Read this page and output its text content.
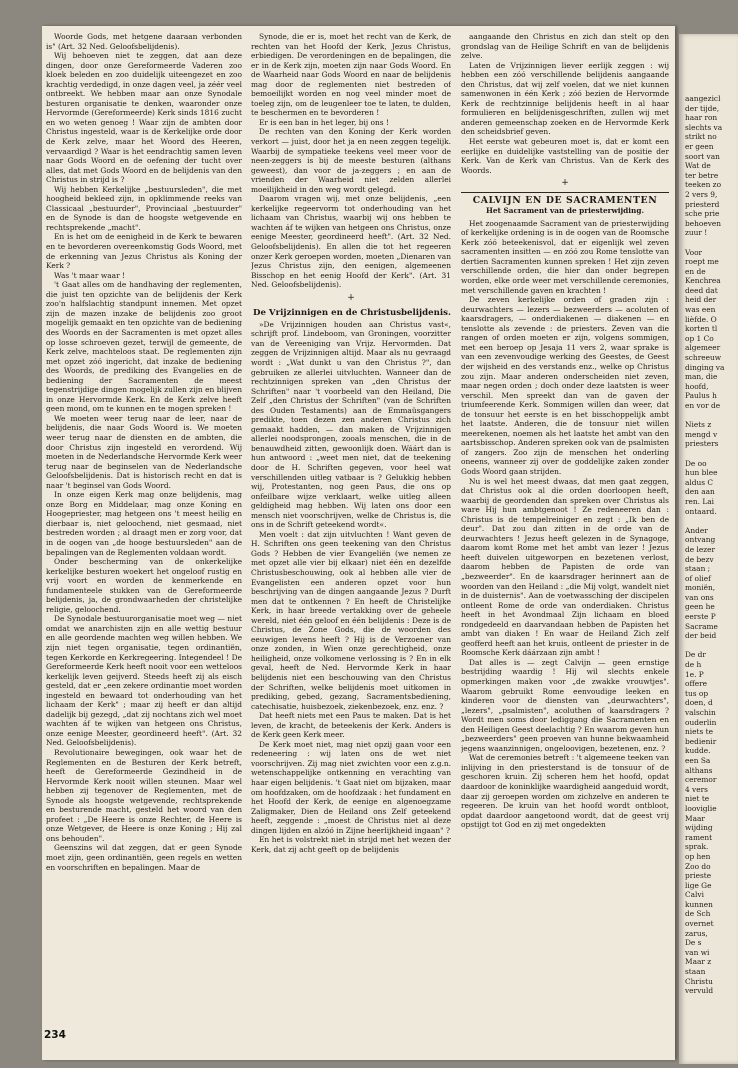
Woorde Gods, met hetgene daaraan verbonden is" (Art. 32 Ned. Geloofsbelijdenis).

Wij behoeven niet te zeggen, dat aan deze dingen, door onze Gereformeerde Vaderen zoo kloek beleden en zoo duidelijk uiteengezet en zoo krachtig verdedigd, in onze dagen veel, ja zéér veel ontbreekt. We hebben maar aan onze Synodale besturen organisatie te denken, waaronder onze Hervormde (Gereformeerde) Kerk sinds 1816 zucht en wo weten genoeg ! Waar zijn de ambten door Christus ingesteld, waar is de Kerkelijke orde door de Kerk zelve, maar het Woord des Heeren, vervaardigd ? Waar is het eendrachtig samen leven naar Gods Woord en de oefening der tucht over alles, dat met Gods Woord en de belijdenis van den Christus in strijd is ?

Wij hebben Kerkelijke „bestuursleden", die met hoogheid bekleed zijn, in opklimmende reeks van Classicaal „bestuurder", Provinciaal „bestuurder" en de Synode is dan de hoogste wetgevende en rechtsprekende „macht".

En is het om de eenigheid in de Kerk te bewaren en te bevorderen overeenkomstig Gods Woord, met de erkenning van Jezus Christus als Koning der Kerk ?

Was 't maar waar !

't Gaat alles om de handhaving der reglementen, die juist ten opzichte van de belijdenis der Kerk zoo'n halfslachtig standpunt innemen. Met opzet zijn de mazen inzake de belijdenis zoo groot mogelijk gemaakt en ten opzichte van de bediening des Woords en der Sacramenten is met opzet alles op losse schroeven gezet, terwijl de gemeente, de Kerk zelve, machteloos staat. De reglementen zijn met opzet zóó ingericht, dat inzake de bediening des Woords, de prediking des Evangelies en de bediening der Sacramenten de meest tegenstrijdige dingen mogelijk zullen zijn en blijven in onze Hervormde Kerk. En de Kerk zelve heeft geen mond, om te kunnen en te mogen spreken !

We moeten weer terug naar de leer, naar de belijdenis, die naar Gods Woord is. We moeten weer terug naar de diensten en de ambten, die door Christus zijn ingesteld en verordend. Wij moeten in de Nederlandsche Hervormde Kerk weer terug naar de beginselen van de Nederlandsche Geloofsbelijdenis. Dat is historisch recht en dat is naar 't beginsel van Gods Woord.

In onze eigen Kerk mag onze belijdenis, mag onze Borg en Middelaar, mag onze Koning en Hoogepriester, mag hetgeen ons 't meest heilig en dierbaar is, niet geloochend, niet gesmaad, niet bestreden worden ; al draagt men er zorg voor, dat in de oogen van „de hooge bestuursleden" aan de bepalingen van de Reglementen voldaan wordt.

Onder bescherming van de onkerkelijke kerkelijke besturen woekert het ongeloof rustig en vrij voort en worden de kenmerkende en fundamenteele stukken van de Gereformeerde belijdenis, ja, de grondwaarheden der christelijke religie, geloochend.

De Synodale bestuurorganisatie moet weg — niet omdat we anarchisten zijn en alle wettig bestuur en alle geordende machten weg willen hebben. We zijn niet tegen organisatie, tegen ordinantiën, tegen Kerkorde en Kerkregeering. Integendeel ! De Gereformeerde Kerk heeft nooit voor een wetteloos kerkelijk leven geijverd. Steeds heeft zij als eisch gesteld, dat er „een zekere ordinantie moet worden ingesteld en bewaard tot onderhouding van het lichaam der Kerk" ; maar zij heeft er dan altijd dadelijk bij gezegd, „dat zij nochtans zich wel moet wachten áf te wijken van hetgeen ons Christus, onze eenige Meester, geordineerd heeft". (Art. 32 Ned. Geloofsbelijdenis).

Revolutionaire bewegingen, ook waar het de Reglementen en de Besturen der Kerk betreft, heeft de Gereformeerde Gezindheid in de Hervormde Kerk nooit willen steunen. Maar wel hebben zij tegenover de Reglementen, met de Synode als hoogste wetgevende, rechtsprekende en besturende macht, gesteld het woord van den profeet : „De Heere is onze Rechter, de Heere is onze Wetgever, de Heere is onze Koning ; Hij zal ons behouden".

Geenszins wil dat zeggen, dat er geen Synode moet zijn, geen ordinantiën, geen regels en wetten en voorschriften en bepalingen. Maar de

Synode, die er is, moet het recht van de Kerk, de rechten van het Hoofd der Kerk, Jezus Christus, erbiedigen. De verordeningen en de bepalingen, die er in de Kerk zijn, moeten zijn naar Gods Woord. En de Waarheid naar Gods Woord en naar de belijdenis mag door de reglementen niet bestreden of bemoeilijkt worden en nog veel minder moet de toeleg zijn, om de leugenleer toe te laten, te dulden, te beschermen en te bevorderen !

Er is een ban in het leger, bij ons !

De rechten van den Koning der Kerk worden verkort — juist, door het ja en neen zeggen tegelijk. Waarbij de sympatieke teekens veel meer voor de neen-zeggers is bij de meeste besturen (althans geweest), dan voor de ja-zeggers ; en aan de vrienden der Waarheid niet zelden allerlei moeilijkheid in den weg wordt gelegd.

Daarom vragen wij, met onze belijdenis, „een kerkelijke regeervorm tot onderhouding van het lichaam van Christus, waarbij wij ons hebben te wachten áf te wijken van hetgeen ons Christus, onze eenige Meester, geordineerd heeft". (Art. 32 Ned. Geloofsbelijdenis). En allen die tot het regeeren onzer Kerk geroepen worden, moeten „Dienaren van Jezus Christus zijn, den eenigen, algemeenen Bisschop en het eenig Hoofd der Kerk". (Art. 31 Ned. Geloofsbelijdenis).

+

De Vrijzinnigen en de Christusbelijdenis.

»De Vrijzinnigen houden aan Christus vast«, schrijft prof. Lindeboom, van Groningen, voorzitter van de Vereeniging van Vrijz. Hervormden. Dat zeggen de Vrijzinnigen altijd. Maar als nu gevraagd wordt : „Wat dunkt u van den Christus ?", dan gebruiken ze allerlei uitvluchten. Wanneer dan de rechtzinnigen spreken van „den Christus der Schriften" naar 't voorbeeld van den Heiland, Die Zelf „den Christus der Schriften" (van de Schriften des Ouden Testaments) aan de Emmaüsgangers predikte, toen dezen zen anderen Christus zich gemaakt hadden, — dan maken de Vrijzinnigen allerlei noodsprongen, zooals menschen, die in de benauwdheid zitten, gewoonlijk doen. Wáárt dan is hun antwoord : „weet men niet, dat de teekening door de H. Schriften gegeven, voor heel wat verschillenden uitleg vatbaar is ? Gelukkig hebben wij, Protestanten, nog geen Paus, die ons op onfeilbare wijze verklaart, welke uitleg alleen geldigheid mag hebben. Wij laten ons door een mensch niet voorschrijven, welke de Christus is, die ons in de Schrift geteekend wordt«.

Men voelt : dat zijn uitvluchten ! Want geven de H. Schriften ons geen teekening van den Christus Gods ? Hebben de vier Evangeliën (we nemen ze met opzet alle vier bij elkaar) niet één en dezelfde Christusbeschouwing, ook al hebben alle vier de Evangelisten een anderen opzet voor hun beschrijving van de dingen aangaande Jezus ? Durft men dat te ontkennen ? En heeft de Christelijke Kerk, in haar breede vertakking over de geheele wereld, niet één geloof en één belijdenis : Deze is de Christus, de Zone Gods, die de woorden des eeuwigen levens heeft ? Hij is de Verzoener van onze zonden, in Wien onze gerechtigheid, onze heiligheid, onze volkomene verlossing is ? En in elk geval, heeft de Ned. Hervormde Kerk in haar belijdenis niet een beschouwing van den Christus der Schriften, welke belijdenis moet uitkomen in prediking, gebed, gezang, Sacramentsbediening, catechisatie, huisbezoek, ziekenbezoek, enz. enz. ?

Dat heeft niets met een Paus te maken. Dat is het leven, de kracht, de beteekenis der Kerk. Anders is de Kerk geen Kerk meer.

De Kerk moet niet, mag niet opzij gaan voor een redeneering : wij laten ons de wet niet voorschrijven. Zij mag niet zwichten voor een z.g.n. wetenschappelijke ontkenning en verachting van haar eigen belijdenis. 't Gaat niet om bijzaken, maar om hoofdzaken, om de hoofdzaak : het fundament en het Hoofd der Kerk, de eenige en algenoegzame Zaligmaker, Dien de Heiland ons Zelf geteekend heeft, zeggende : „moest de Christus niet al deze dingen lijden en alzóó in Zijne heerlijkheid ingaan" ?

En het is volstrekt niet in strijd met het wezen der Kerk, dat zij acht geeft op de belijdenis

aangaande den Christus en zich dan stelt op den grondslag van de Heilige Schrift en van de belijdenis zelve.

Laten de Vrijzinnigen liever eerlijk zeggen : wij hebben een zóó verschillende belijdenis aangaande den Christus, dat wij zelf voelen, dat we niet kunnen samenwonen in één Kerk ; zóó bezien de Hervormde Kerk de rechtzinnige belijdenis heeft in al haar formulieren en belijdenisgeschriften, zullen wij met anderen gemeenschap zoeken en de Hervormde Kerk den scheidsbrief geven.

Het eerste wat gebeuren moet is, dat er komt een eerlijke en duidelijke vaststelling van de positie der Kerk. Van de Kerk van Christus. Van de Kerk des Woords.

+

CALVIJN EN DE SACRAMENTEN

Het Sacrament van de priesterwijding.

Het zoogenaamde Sacrament van de priesterwijding of kerkelijke ordening is in de oogen van de Roomsche Kerk zóó beteekenisvol, dat er eigenlijk wel zeven sacramenten insitten — en zóó zou Rome tenslotte van dertien Sacramenten kunnen spreken ! Het zijn zeven verschillende orden, die hier dan onder begrepen worden, elke orde weer met verschillende ceremonies, met verschillende gaven en krachten !

De zeven kerkelijke orden of graden zijn : deurwachters — lezers — bezweerders — acoluten of kaarsdragers, — onderdiakenen — diakenen — en tenslotte als zevende : de priesters. Zeven van die rangen of orden moeten er zijn, volgens sommigen, met een beroep op Jesaja 11 vers 2, waar sprake is van een zevenvoudige werking des Geestes, de Geest der wijsheid en des verstands enz., welke op Christus zou zijn. Maar anderen onderscheiden niet zeven, maar negen orden ; doch onder deze laatsten is weer verschil. Men spreekt dan van de gaven der triumfeerende Kerk. Sommigen willen dan weer, dat de tonsuur het eerste is en het bisschoppelijk ambt het laatste. Anderen, die de tonsuur niet willen meerekenen, noemen als het laatste het ambt van den aartsbisschop. Anderen spreken ook van de psalmisten of zangers. Zoo zijn de menschen het onderling oneens, wanneer zij over de goddelijke zaken zonder Gods Woord gaan strijden.

Nu is wel het meest dwaas, dat men gaat zeggen, dat Christus ook al die orden doorloopen heeft, waarbij de geordenden dan spreken over Christus als ware Hij hun ambtgenoot ! Ze redeneeren dan : Christus is de tempelreiniger en zegt : „Ik ben de deur". Dat zou dan zitten in de orde van de deurwachters ! Jezus heeft gelezen in de Synagoge, daarom komt Rome met het ambt van lezer ! Jezus heeft duivelen uitgeworpen en bezetenen verlost, daarom hebben de Papisten de orde van „bezweerder". En de kaarsdrager herinnert aan de woorden van den Heiland : „die Mij volgt, wandelt niet in de duisternis". Aan de voetwassching der discipelen ontleent Rome de orde van onderdiaken. Christus heeft in het Avondmaal Zijn lichaam en bloed rondgedeeld en daarvandaan hebben de Papisten het ambt van diaken ! En waar de Heiland Zich zelf geofferd heeft aan het kruis, ontleent de priester in de Roomsche Kerk dáárzaan zijn ambt !

Dat alles is — zegt Calvijn — geen ernstige bestrijding waardig ! Hij wil slechts enkele opmerkingen maken voor „de zwakke vrouwtjes". Waarom gebruikt Rome eenvoudige leeken en kinderen voor de diensten van „deurwachters", „lezers", „psalmisten", acoluthen of kaarsdragers ? Wordt men soms door lediggang die Sacramenten en den Heiligen Geest deelachtig ? En waarom geven hun „bezweerders" geen proeven van hunne bekwaamheid jegens waanzinnigen, ongeloovigen, bezetenen, enz. ?

Wat de ceremonies betreft : 't algemeene teeken van inlijving in den priesterstand is de tonsuur of de geschoren kruin. Zij scheren hem het hoofd, opdat daardoor de koninklijke waardigheid aangeduid wordt, daar zij geroepen worden om zichzelve en anderen te regeeren. De kruin van het hoofd wordt ontbloot, opdat daardoor aangetoond wordt, dat de geest vrij opstijgt tot God en zij met ongedekten

234
aangezicl
der tijde,
haar ron
slechts va
strikt no
er geen
soort van
Wat de
ter betre
teeken zo
2 vers 9,
priesterd
sche prie
behoeven
zuur !

Voor
roept me
en de
Kenchrea
deed dat
heid der
was een
lièfde. O
korten tl
op 1 Co
algemeer
schreeuw
dinging va
man, die
hoofd,
Paulus h
en vor de

Niets z
mengd v
priesters

De oo
hun blee
aldus C
den aan
ren. Lai
ontaard.

Ander
ontvang
de lezer
de bezv
staan ;
of olief
moniën,
van ons
geen he
eerste P
Sacrame
der beid

De dr
de h
1e. P
offere
tus op
doen, d
valschin
ouderlin
niets te
bedienir
kudde.
een Sa
althans
ceremor
4 vers
niet te
looviglie
Maar
wijding
rament
sprak.
op hen
Zoo do
prieste
lige Ge
Calvi
kunnen
de Sch
overnet
zarus,
De s
van wi
Maar z
staan
Christu
vervuld
